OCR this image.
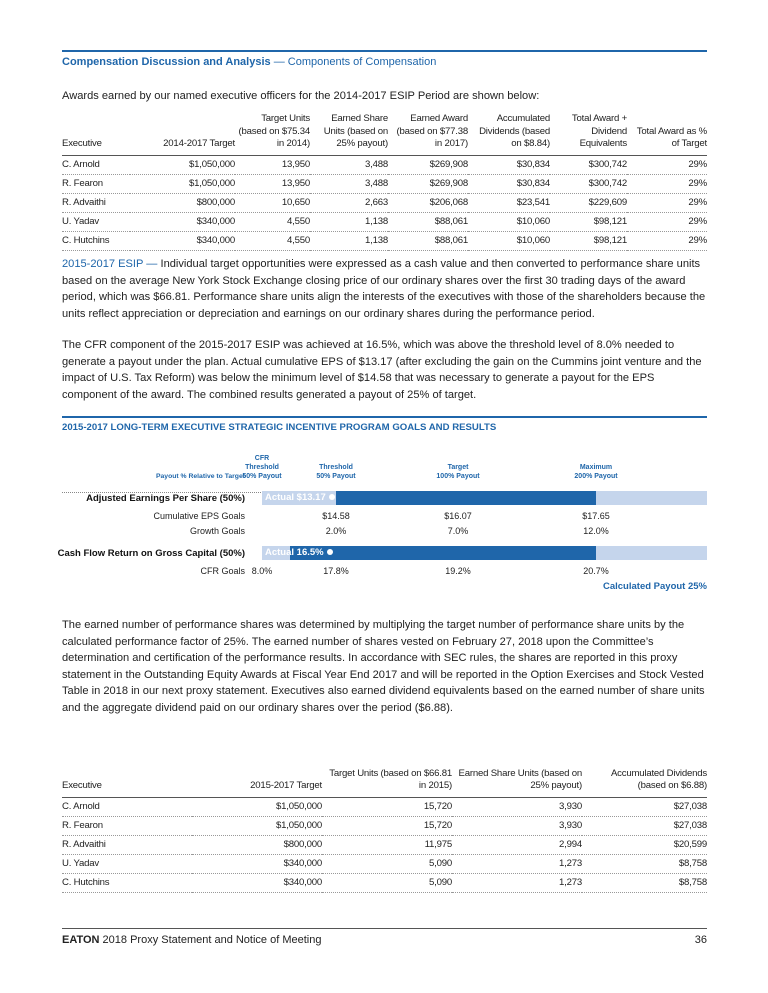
Compensation Discussion and Analysis — Components of Compensation
Awards earned by our named executive officers for the 2014-2017 ESIP Period are shown below:
Executive	2014-2017 Target	Target Units (based on $75.34 in 2014)	Earned Share Units (based on 25% payout)	Earned Award (based on $77.38 in 2017)	Accumulated Dividends (based on $8.84)	Total Award + Dividend Equivalents	Total Award as % of Target
C. Arnold	$1,050,000	13,950	3,488	$269,908	$30,834	$300,742	29%
R. Fearon	$1,050,000	13,950	3,488	$269,908	$30,834	$300,742	29%
R. Advaithi	$800,000	10,650	2,663	$206,068	$23,541	$229,609	29%
U. Yadav	$340,000	4,550	1,138	$88,061	$10,060	$98,121	29%
C. Hutchins	$340,000	4,550	1,138	$88,061	$10,060	$98,121	29%
2015-2017 ESIP — Individual target opportunities were expressed as a cash value and then converted to performance share units based on the average New York Stock Exchange closing price of our ordinary shares over the first 30 trading days of the award period, which was $66.81. Performance share units align the interests of the executives with those of the shareholders because the units reflect appreciation or depreciation and earnings on our ordinary shares during the performance period.
The CFR component of the 2015-2017 ESIP was achieved at 16.5%, which was above the threshold level of 8.0% needed to generate a payout under the plan. Actual cumulative EPS of $13.17 (after excluding the gain on the Cummins joint venture and the impact of U.S. Tax Reform) was below the minimum level of $14.58 that was necessary to generate a payout for the EPS component of the award. The combined results generated a payout of 25% of target.
2015-2017 LONG-TERM EXECUTIVE STRATEGIC INCENTIVE PROGRAM GOALS AND RESULTS
Payout % Relative to Target
CFR
Threshold
50% Payout
Threshold
50% Payout
Target
100% Payout
Maximum
200% Payout
Adjusted Earnings Per Share (50%) Actual $13.17
Cumulative EPS Goals	$14.58	$16.07	$17.65
Growth Goals	2.0%	7.0%	12.0%
Cash Flow Return on Gross Capital (50%) Actual 16.5%
CFR Goals 8.0%	17.8%	19.2%	20.7%
Calculated Payout 25%
The earned number of performance shares was determined by multiplying the target number of performance share units by the calculated performance factor of 25%. The earned number of shares vested on February 27, 2018 upon the Committee’s determination and certification of the performance results. In accordance with SEC rules, the shares are reported in this proxy statement in the Outstanding Equity Awards at Fiscal Year End 2017 and will be reported in the Option Exercises and Stock Vested Table in 2018 in our next proxy statement. Executives also earned dividend equivalents based on the earned number of share units and the aggregate dividend paid on our ordinary shares over the period ($6.88).
Executive	2015-2017 Target	Target Units (based on $66.81 in 2015)	Earned Share Units (based on 25% payout)	Accumulated Dividends (based on $6.88)
C. Arnold	$1,050,000	15,720	3,930	$27,038
R. Fearon	$1,050,000	15,720	3,930	$27,038
R. Advaithi	$800,000	11,975	2,994	$20,599
U. Yadav	$340,000	5,090	1,273	$8,758
C. Hutchins	$340,000	5,090	1,273	$8,758
EATON 2018 Proxy Statement and Notice of Meeting	36
